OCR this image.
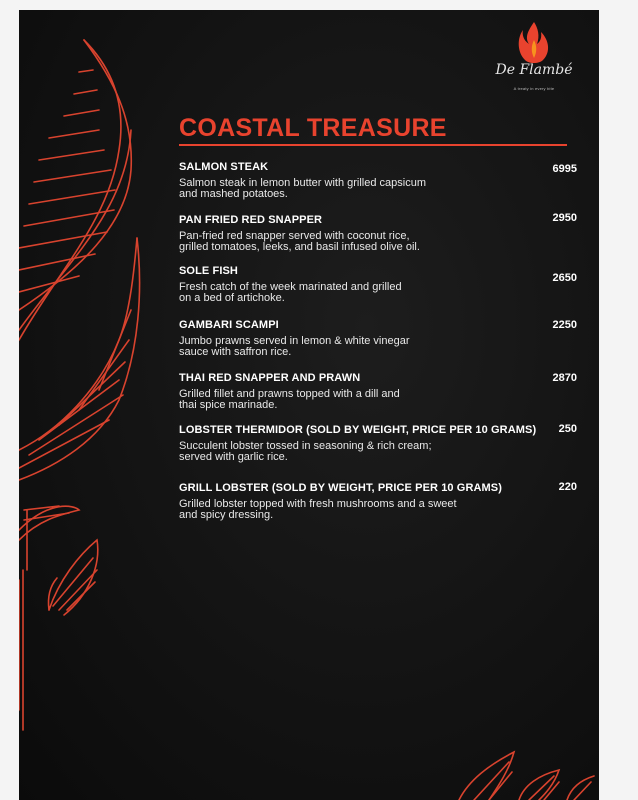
De Flambé
A treaty in every bite
COASTAL TREASURE
SALMON STEAK
Salmon steak in lemon butter with grilled capsicum
and mashed potatoes.
6995
PAN FRIED RED SNAPPER
Pan-fried red snapper served with coconut rice,
grilled tomatoes, leeks, and basil infused olive oil.
2950
SOLE FISH
Fresh catch of the week marinated and grilled
on a bed of artichoke.
2650
GAMBARI SCAMPI
Jumbo prawns served in lemon & white vinegar
sauce with saffron rice.
2250
THAI RED SNAPPER AND PRAWN
Grilled fillet and prawns topped with a dill and
thai spice marinade.
2870
LOBSTER THERMIDOR (SOLD BY WEIGHT, PRICE PER 10 GRAMS)
Succulent lobster tossed in seasoning & rich cream;
served with garlic rice.
250
GRILL LOBSTER (SOLD BY WEIGHT, PRICE PER 10 GRAMS)
Grilled lobster topped with fresh mushrooms and a sweet
and spicy dressing.
220
